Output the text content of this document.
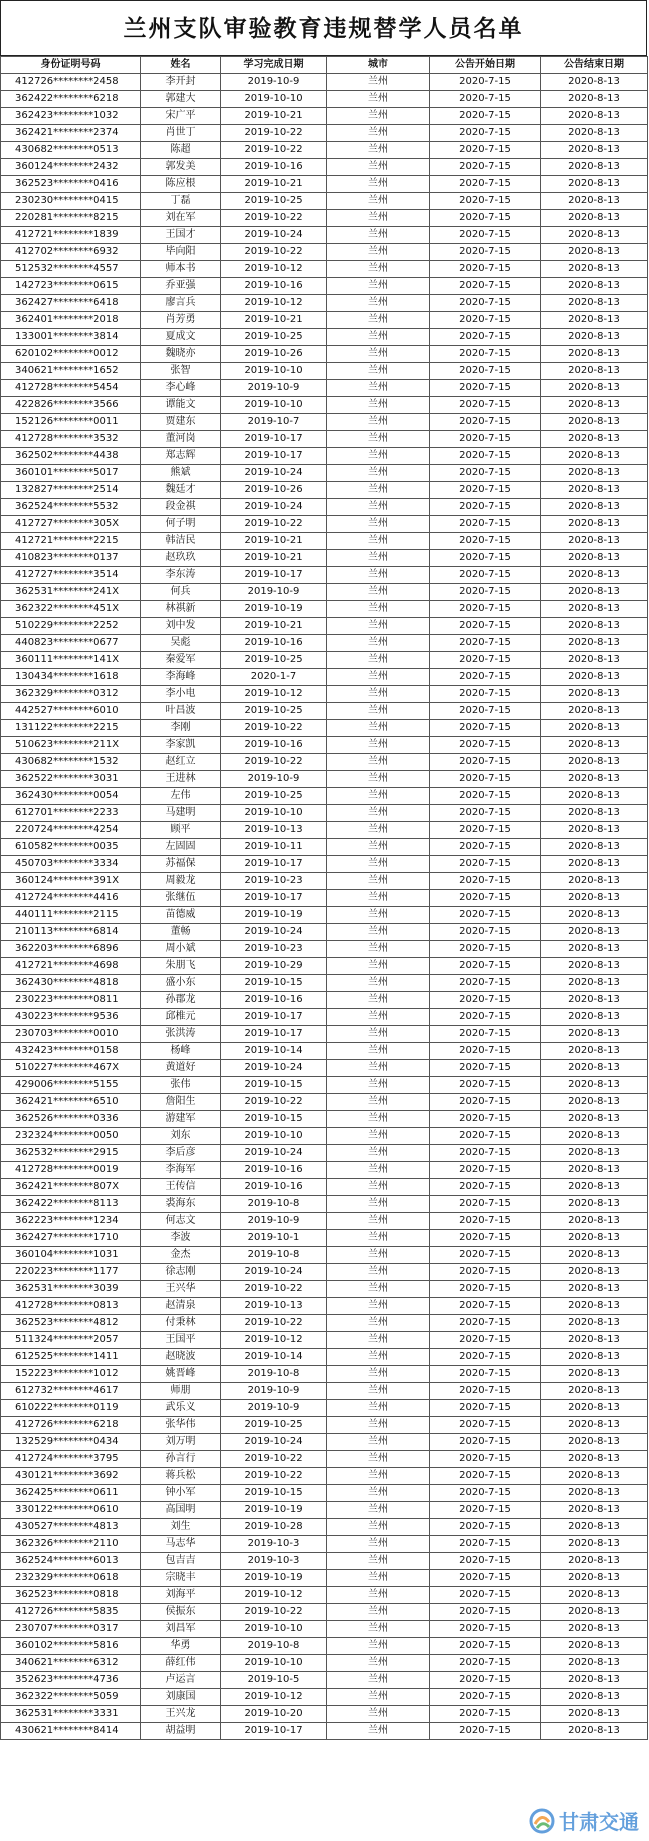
兰州支队审验教育违规替学人员名单
身份证明号码	姓名	学习完成日期	城市	公告开始日期	公告结束日期
412726********2458	李开封	2019-10-9	兰州	2020-7-15	2020-8-13
362422********6218	郭建大	2019-10-10	兰州	2020-7-15	2020-8-13
362423********1032	宋广平	2019-10-21	兰州	2020-7-15	2020-8-13
362421********2374	肖世丁	2019-10-22	兰州	2020-7-15	2020-8-13
430682********0513	陈超	2019-10-22	兰州	2020-7-15	2020-8-13
360124********2432	郭发美	2019-10-16	兰州	2020-7-15	2020-8-13
362523********0416	陈应根	2019-10-21	兰州	2020-7-15	2020-8-13
230230********0415	丁磊	2019-10-25	兰州	2020-7-15	2020-8-13
220281********8215	刘在军	2019-10-22	兰州	2020-7-15	2020-8-13
412721********1839	王国才	2019-10-24	兰州	2020-7-15	2020-8-13
412702********6932	毕向阳	2019-10-22	兰州	2020-7-15	2020-8-13
512532********4557	师本书	2019-10-12	兰州	2020-7-15	2020-8-13
142723********0615	乔亚强	2019-10-16	兰州	2020-7-15	2020-8-13
362427********6418	廖言兵	2019-10-12	兰州	2020-7-15	2020-8-13
362401********2018	肖芳勇	2019-10-21	兰州	2020-7-15	2020-8-13
133001********3814	夏成文	2019-10-25	兰州	2020-7-15	2020-8-13
620102********0012	魏晓亦	2019-10-26	兰州	2020-7-15	2020-8-13
340621********1652	张智	2019-10-10	兰州	2020-7-15	2020-8-13
412728********5454	李心峰	2019-10-9	兰州	2020-7-15	2020-8-13
422826********3566	谭能文	2019-10-10	兰州	2020-7-15	2020-8-13
152126********0011	贾建东	2019-10-7	兰州	2020-7-15	2020-8-13
412728********3532	董河岗	2019-10-17	兰州	2020-7-15	2020-8-13
362502********4438	郑志辉	2019-10-17	兰州	2020-7-15	2020-8-13
360101********5017	熊斌	2019-10-24	兰州	2020-7-15	2020-8-13
132827********2514	魏廷才	2019-10-26	兰州	2020-7-15	2020-8-13
362524********5532	段金祺	2019-10-24	兰州	2020-7-15	2020-8-13
412727********305X	何子明	2019-10-22	兰州	2020-7-15	2020-8-13
412721********2215	韩洁民	2019-10-21	兰州	2020-7-15	2020-8-13
410823********0137	赵玖玖	2019-10-21	兰州	2020-7-15	2020-8-13
412727********3514	李东涛	2019-10-17	兰州	2020-7-15	2020-8-13
362531********241X	何兵	2019-10-9	兰州	2020-7-15	2020-8-13
362322********451X	林祺新	2019-10-19	兰州	2020-7-15	2020-8-13
510229********2252	刘中发	2019-10-21	兰州	2020-7-15	2020-8-13
440823********0677	吴彪	2019-10-16	兰州	2020-7-15	2020-8-13
360111********141X	秦爱军	2019-10-25	兰州	2020-7-15	2020-8-13
130434********1618	李海峰	2020-1-7	兰州	2020-7-15	2020-8-13
362329********0312	李小电	2019-10-12	兰州	2020-7-15	2020-8-13
442527********6010	叶昌波	2019-10-25	兰州	2020-7-15	2020-8-13
131122********2215	李刚	2019-10-22	兰州	2020-7-15	2020-8-13
510623********211X	李家凯	2019-10-16	兰州	2020-7-15	2020-8-13
430682********1532	赵红立	2019-10-22	兰州	2020-7-15	2020-8-13
362522********3031	王进林	2019-10-9	兰州	2020-7-15	2020-8-13
362430********0054	左伟	2019-10-25	兰州	2020-7-15	2020-8-13
612701********2233	马建明	2019-10-10	兰州	2020-7-15	2020-8-13
220724********4254	顾平	2019-10-13	兰州	2020-7-15	2020-8-13
610582********0035	左固固	2019-10-11	兰州	2020-7-15	2020-8-13
450703********3334	苏福保	2019-10-17	兰州	2020-7-15	2020-8-13
360124********391X	周毅龙	2019-10-23	兰州	2020-7-15	2020-8-13
412724********4416	张继伍	2019-10-17	兰州	2020-7-15	2020-8-13
440111********2115	苗德威	2019-10-19	兰州	2020-7-15	2020-8-13
210113********6814	董畅	2019-10-24	兰州	2020-7-15	2020-8-13
362203********6896	周小斌	2019-10-23	兰州	2020-7-15	2020-8-13
412721********4698	朱朋飞	2019-10-29	兰州	2020-7-15	2020-8-13
362430********4818	盛小东	2019-10-15	兰州	2020-7-15	2020-8-13
230223********0811	孙郡龙	2019-10-16	兰州	2020-7-15	2020-8-13
430223********9536	邱椎元	2019-10-17	兰州	2020-7-15	2020-8-13
230703********0010	张洪涛	2019-10-17	兰州	2020-7-15	2020-8-13
432423********0158	杨峰	2019-10-14	兰州	2020-7-15	2020-8-13
510227********467X	黄道好	2019-10-24	兰州	2020-7-15	2020-8-13
429006********5155	张伟	2019-10-15	兰州	2020-7-15	2020-8-13
362421********6510	詹阳生	2019-10-22	兰州	2020-7-15	2020-8-13
362526********0336	游建军	2019-10-15	兰州	2020-7-15	2020-8-13
232324********0050	刘东	2019-10-10	兰州	2020-7-15	2020-8-13
362532********2915	李后彦	2019-10-24	兰州	2020-7-15	2020-8-13
412728********0019	李海军	2019-10-16	兰州	2020-7-15	2020-8-13
362421********807X	王传信	2019-10-16	兰州	2020-7-15	2020-8-13
362422********8113	裘海东	2019-10-8	兰州	2020-7-15	2020-8-13
362223********1234	何志文	2019-10-9	兰州	2020-7-15	2020-8-13
362427********1710	李波	2019-10-1	兰州	2020-7-15	2020-8-13
360104********1031	金杰	2019-10-8	兰州	2020-7-15	2020-8-13
220223********1177	徐志刚	2019-10-24	兰州	2020-7-15	2020-8-13
362531********3039	王兴华	2019-10-22	兰州	2020-7-15	2020-8-13
412728********0813	赵清泉	2019-10-13	兰州	2020-7-15	2020-8-13
362523********4812	付秉林	2019-10-22	兰州	2020-7-15	2020-8-13
511324********2057	王国平	2019-10-12	兰州	2020-7-15	2020-8-13
612525********1411	赵晓波	2019-10-14	兰州	2020-7-15	2020-8-13
152223********1012	姚晋峰	2019-10-8	兰州	2020-7-15	2020-8-13
612732********4617	师朋	2019-10-9	兰州	2020-7-15	2020-8-13
610222********0119	武乐义	2019-10-9	兰州	2020-7-15	2020-8-13
412726********6218	张华伟	2019-10-25	兰州	2020-7-15	2020-8-13
132529********0434	刘万明	2019-10-24	兰州	2020-7-15	2020-8-13
412724********3795	孙言行	2019-10-22	兰州	2020-7-15	2020-8-13
430121********3692	蒋兵松	2019-10-22	兰州	2020-7-15	2020-8-13
362425********0611	钟小军	2019-10-15	兰州	2020-7-15	2020-8-13
330122********0610	高国明	2019-10-19	兰州	2020-7-15	2020-8-13
430527********4813	刘生	2019-10-28	兰州	2020-7-15	2020-8-13
362326********2110	马志华	2019-10-3	兰州	2020-7-15	2020-8-13
362524********6013	包吉吉	2019-10-3	兰州	2020-7-15	2020-8-13
232329********0618	宗晓丰	2019-10-19	兰州	2020-7-15	2020-8-13
362523********0818	刘海平	2019-10-12	兰州	2020-7-15	2020-8-13
412726********5835	侯振东	2019-10-22	兰州	2020-7-15	2020-8-13
230707********0317	刘昌军	2019-10-10	兰州	2020-7-15	2020-8-13
360102********5816	华勇	2019-10-8	兰州	2020-7-15	2020-8-13
340621********6312	薛红伟	2019-10-10	兰州	2020-7-15	2020-8-13
352623********4736	卢运言	2019-10-5	兰州	2020-7-15	2020-8-13
362322********5059	刘康国	2019-10-12	兰州	2020-7-15	2020-8-13
362531********3331	王兴龙	2019-10-20	兰州	2020-7-15	2020-8-13
430621********8414	胡益明	2019-10-17	兰州	2020-7-15	2020-8-13
甘肃交通
